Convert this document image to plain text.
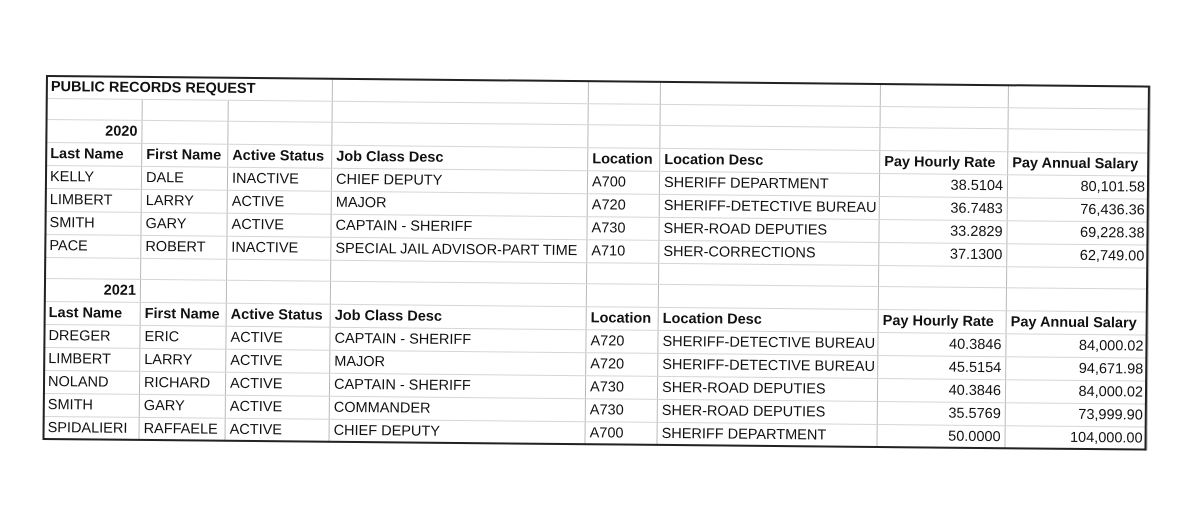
PUBLIC RECORDS REQUEST							

2020							
Last Name	First Name	Active Status	Job Class Desc	Location	Location Desc	Pay Hourly Rate	Pay Annual Salary
KELLY	DALE	INACTIVE	CHIEF DEPUTY	A700	SHERIFF DEPARTMENT	38.5104	80,101.58
LIMBERT	LARRY	ACTIVE	MAJOR	A720	SHERIFF-DETECTIVE BUREAU	36.7483	76,436.36
SMITH	GARY	ACTIVE	CAPTAIN - SHERIFF	A730	SHER-ROAD DEPUTIES	33.2829	69,228.38
PACE	ROBERT	INACTIVE	SPECIAL JAIL ADVISOR-PART TIME	A710	SHER-CORRECTIONS	37.1300	62,749.00

2021							
Last Name	First Name	Active Status	Job Class Desc	Location	Location Desc	Pay Hourly Rate	Pay Annual Salary
DREGER	ERIC	ACTIVE	CAPTAIN - SHERIFF	A720	SHERIFF-DETECTIVE BUREAU	40.3846	84,000.02
LIMBERT	LARRY	ACTIVE	MAJOR	A720	SHERIFF-DETECTIVE BUREAU	45.5154	94,671.98
NOLAND	RICHARD	ACTIVE	CAPTAIN - SHERIFF	A730	SHER-ROAD DEPUTIES	40.3846	84,000.02
SMITH	GARY	ACTIVE	COMMANDER	A730	SHER-ROAD DEPUTIES	35.5769	73,999.90
SPIDALIERI	RAFFAELE	ACTIVE	CHIEF DEPUTY	A700	SHERIFF DEPARTMENT	50.0000	104,000.00
